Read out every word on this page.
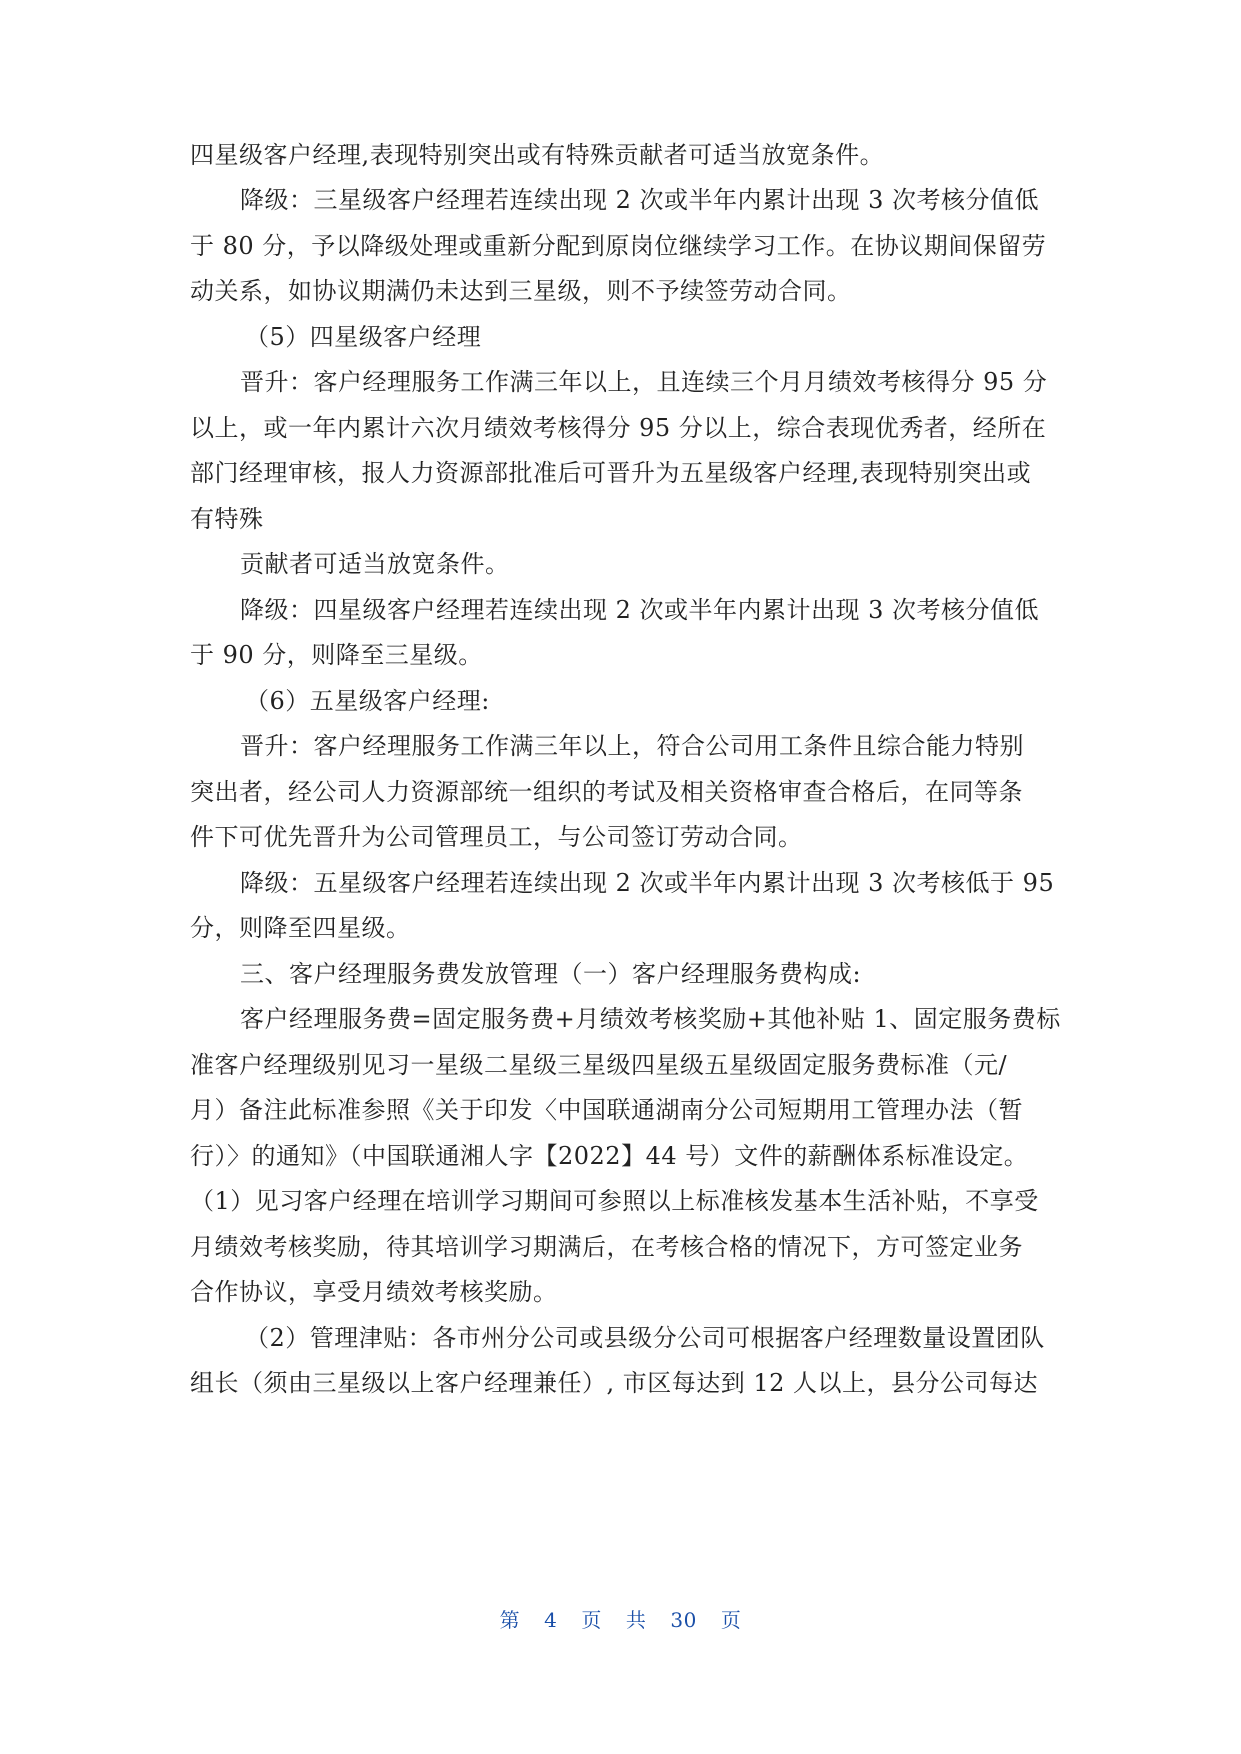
四星级客户经理,表现特别突出或有特殊贡献者可适当放宽条件。
降级：三星级客户经理若连续出现 2 次或半年内累计出现 3 次考核分值低
于 80 分，予以降级处理或重新分配到原岗位继续学习工作。在协议期间保留劳
动关系，如协议期满仍未达到三星级，则不予续签劳动合同。
（5）四星级客户经理
晋升：客户经理服务工作满三年以上，且连续三个月月绩效考核得分 95 分
以上，或一年内累计六次月绩效考核得分 95 分以上，综合表现优秀者，经所在
部门经理审核，报人力资源部批准后可晋升为五星级客户经理,表现特别突出或
有特殊
贡献者可适当放宽条件。
降级：四星级客户经理若连续出现 2 次或半年内累计出现 3 次考核分值低
于 90 分，则降至三星级。
（6）五星级客户经理:
晋升：客户经理服务工作满三年以上，符合公司用工条件且综合能力特别
突出者，经公司人力资源部统一组织的考试及相关资格审查合格后，在同等条
件下可优先晋升为公司管理员工，与公司签订劳动合同。
降级：五星级客户经理若连续出现 2 次或半年内累计出现 3 次考核低于 95
分，则降至四星级。
三、客户经理服务费发放管理（一）客户经理服务费构成:
客户经理服务费=固定服务费+月绩效考核奖励+其他补贴 1、固定服务费标
准客户经理级别见习一星级二星级三星级四星级五星级固定服务费标准（元/
月）备注此标准参照《关于印发〈中国联通湖南分公司短期用工管理办法（暂
行）〉的通知》（中国联通湘人字【2022】44 号）文件的薪酬体系标准设定。
（1）见习客户经理在培训学习期间可参照以上标准核发基本生活补贴，不享受
月绩效考核奖励，待其培训学习期满后，在考核合格的情况下，方可签定业务
合作协议，享受月绩效考核奖励。
（2）管理津贴：各市州分公司或县级分公司可根据客户经理数量设置团队
组长（须由三星级以上客户经理兼任）, 市区每达到 12 人以上，县分公司每达
第 4 页 共 30 页
